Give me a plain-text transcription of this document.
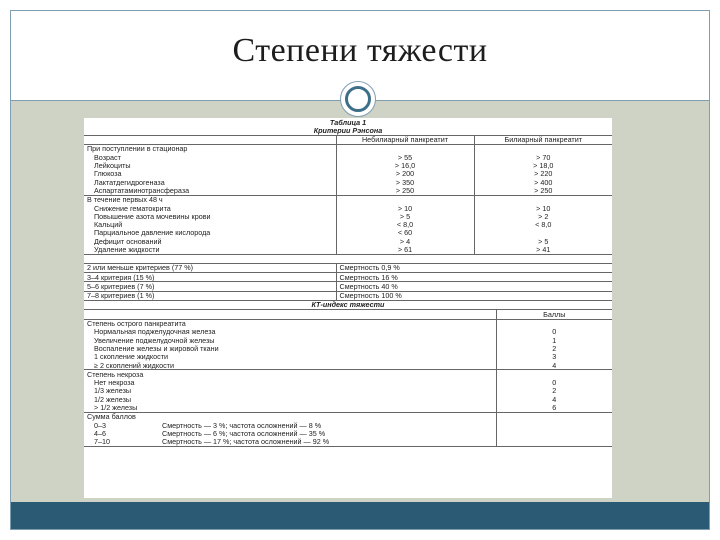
Степени тяжести
Таблица 1		
Критерии Рэнсона		
	Небилиарный панкреатит	Билиарный панкреатит
При поступлении в стационар		
Возраст	> 55	> 70
Лейкоциты	> 16,0	> 18,0
Глюкоза	> 200	> 220
Лактатдегидрогеназа	> 350	> 400
Аспартатаминотрансфераза	> 250	> 250
В течение первых 48 ч		
Снижение гематокрита	> 10	> 10
Повышение азота мочевины крови	> 5	> 2
Кальций	< 8,0	< 8,0
Парциальное давление кислорода	< 60	
Дефицит оснований	> 4	> 5
Удаление жидкости	> 61	> 41
2 или меньше критериев (77 %)	Смертность 0,9 %
3–4 критерия (15 %)	Смертность 16 %
5–6 критериев (7 %)	Смертность 40 %
7–8 критериев (1 %)	Смертность 100 %
КТ-индекс тяжести	
	Баллы
Степень острого панкреатита	
Нормальная поджелудочная железа	0
Увеличение поджелудочной железы	1
Воспаление железы и жировой ткани	2
1 скопление жидкости	3
≥ 2 скоплений жидкости	4
Степень некроза	
Нет некроза	0
1/3 железы	2
1/2 железы	4
> 1/2 железы	6
Сумма баллов	
0–3	Смертность — 3 %; частота осложнений — 8 %	
4–6	Смертность — 6 %; частота осложнений — 35 %	
7–10	Смертность — 17 %; частота осложнений — 92 %	
